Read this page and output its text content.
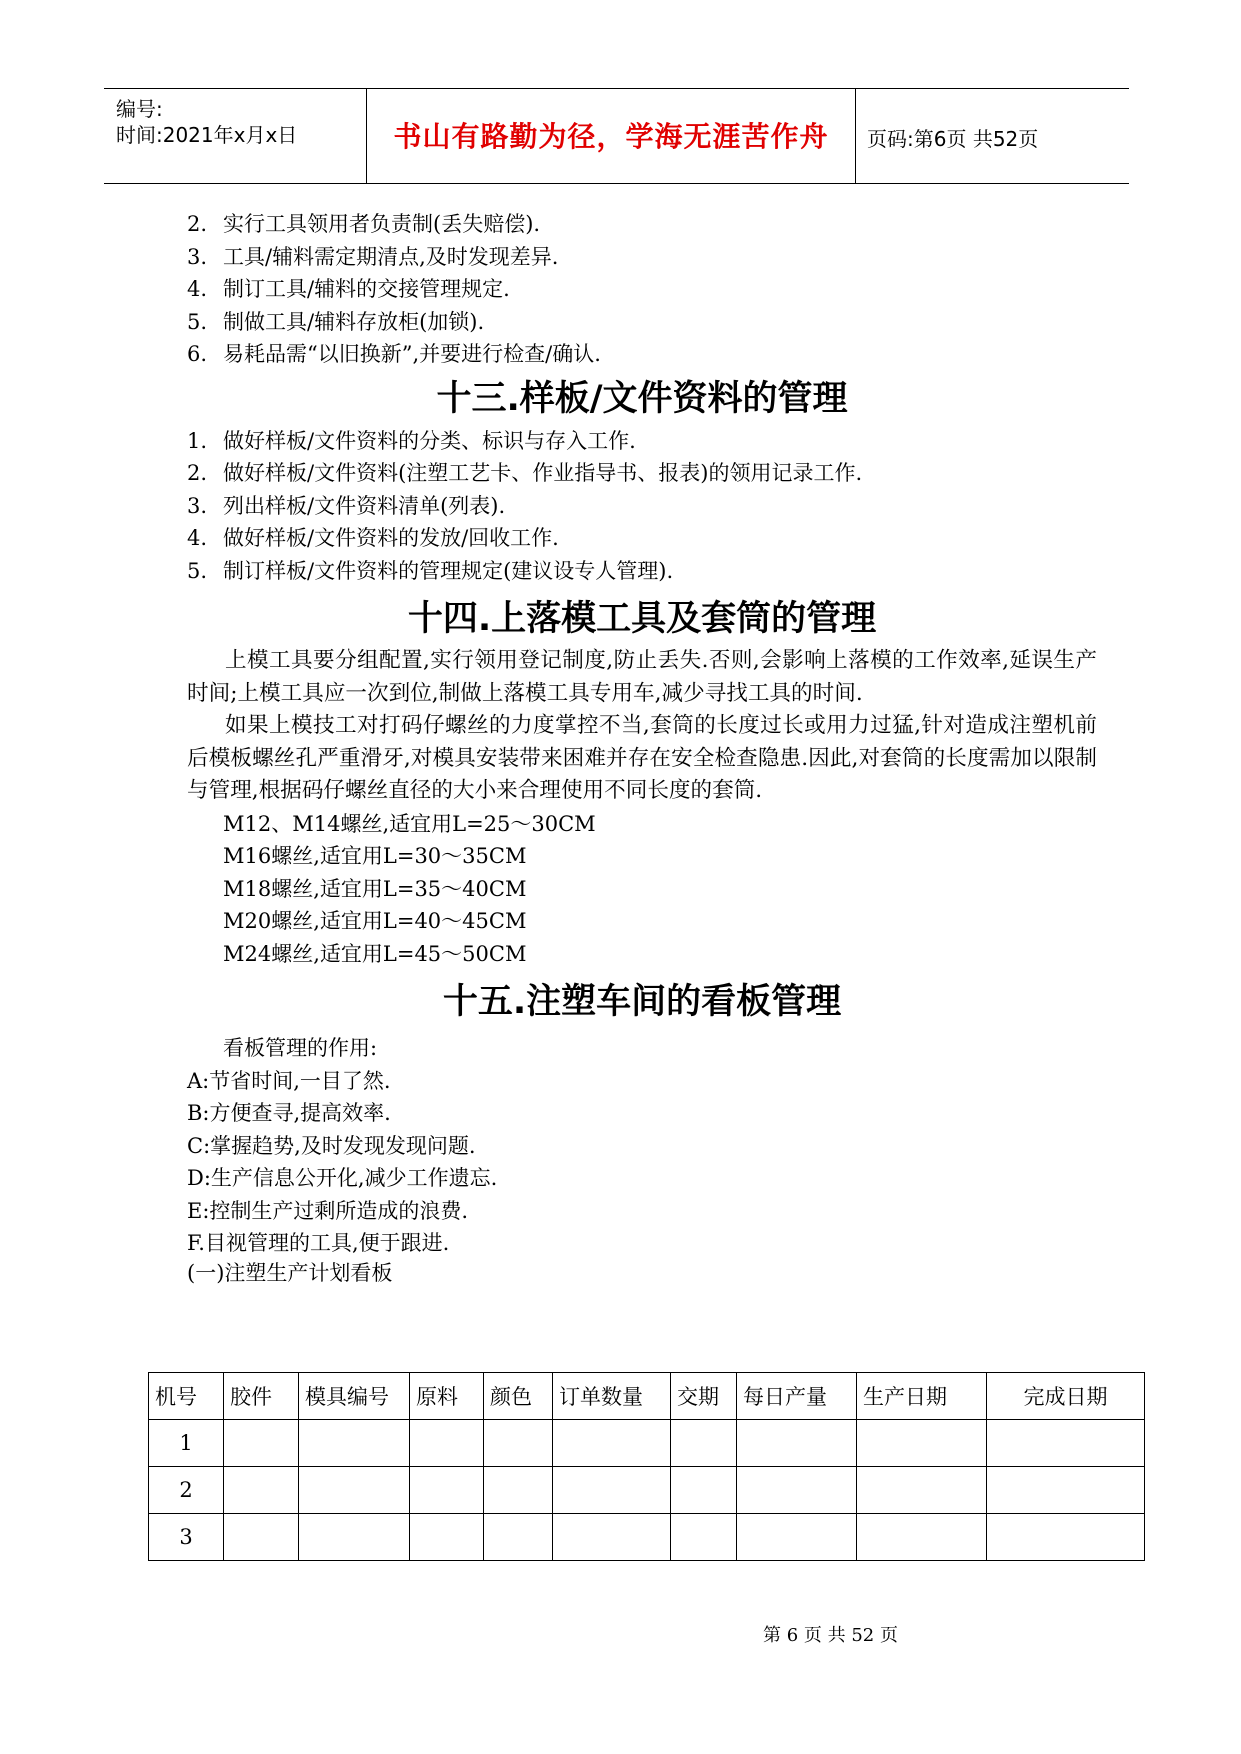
编号:
时间:2021年x月x日	书山有路勤为径，学海无涯苦作舟	页码:第6页 共52页
2. 实行工具领用者负责制(丢失赔偿).
3. 工具/辅料需定期清点,及时发现差异.
4. 制订工具/辅料的交接管理规定.
5. 制做工具/辅料存放柜(加锁).
6. 易耗品需“以旧换新”,并要进行检查/确认.
十三.样板/文件资料的管理
1. 做好样板/文件资料的分类、标识与存入工作.
2. 做好样板/文件资料(注塑工艺卡、作业指导书、报表)的领用记录工作.
3. 列出样板/文件资料清单(列表).
4. 做好样板/文件资料的发放/回收工作.
5. 制订样板/文件资料的管理规定(建议设专人管理).
十四.上落模工具及套筒的管理
上模工具要分组配置,实行领用登记制度,防止丢失.否则,会影响上落模的工作效率,延误生产时间;上模工具应一次到位,制做上落模工具专用车,减少寻找工具的时间.
如果上模技工对打码仔螺丝的力度掌控不当,套筒的长度过长或用力过猛,针对造成注塑机前后模板螺丝孔严重滑牙,对模具安装带来困难并存在安全检查隐患.因此,对套筒的长度需加以限制与管理,根据码仔螺丝直径的大小来合理使用不同长度的套筒.
M12、M14螺丝,适宜用L=25～30CM
M16螺丝,适宜用L=30～35CM
M18螺丝,适宜用L=35～40CM
M20螺丝,适宜用L=40～45CM
M24螺丝,适宜用L=45～50CM
十五.注塑车间的看板管理
看板管理的作用:
A:节省时间,一目了然.
B:方便查寻,提高效率.
C:掌握趋势,及时发现发现问题.
D:生产信息公开化,减少工作遗忘.
E:控制生产过剩所造成的浪费.
F.目视管理的工具,便于跟进.
(一)注塑生产计划看板
机号	胶件	模具编号	原料	颜色	订单数量	交期	每日产量	生产日期	完成日期
1									
2									
3									
第 6 页 共 52 页
